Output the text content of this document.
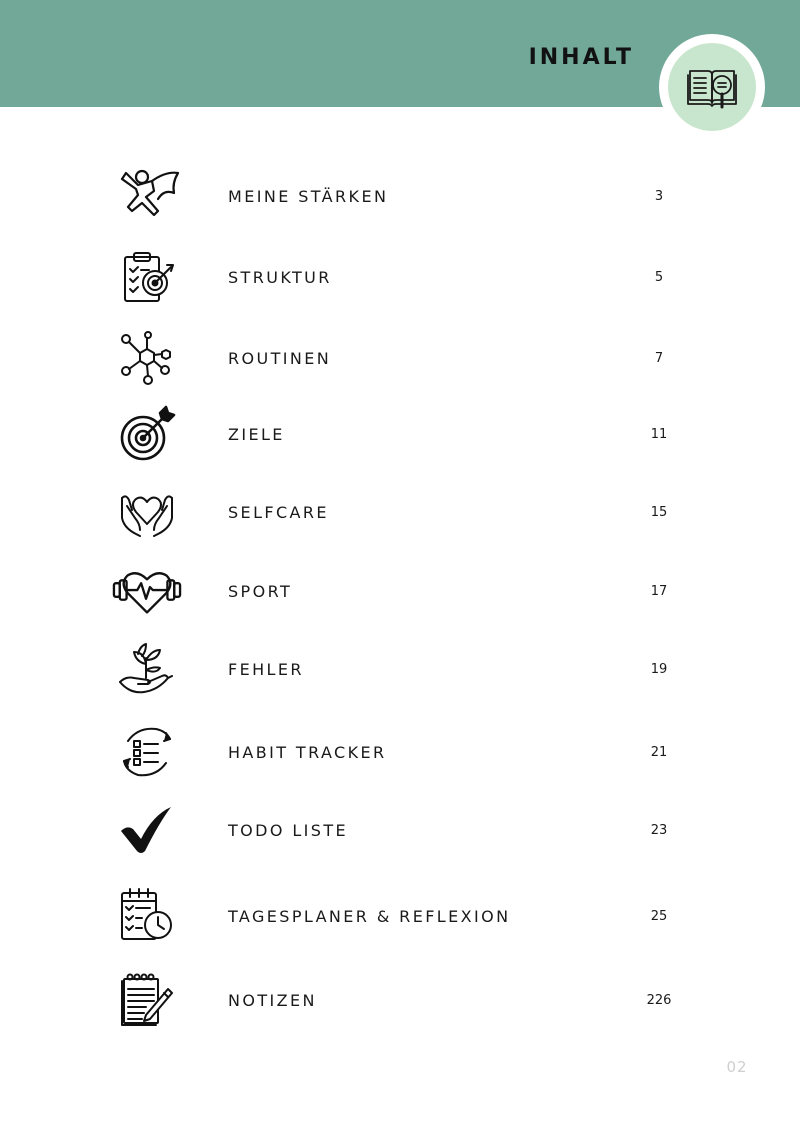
INHALT
MEINE STÄRKEN	3
STRUKTUR	5
ROUTINEN	7
ZIELE	11
SELFCARE	15
SPORT	17
FEHLER	19
HABIT TRACKER	21
TODO LISTE	23
TAGESPLANER & REFLEXION	25
NOTIZEN	226
02
